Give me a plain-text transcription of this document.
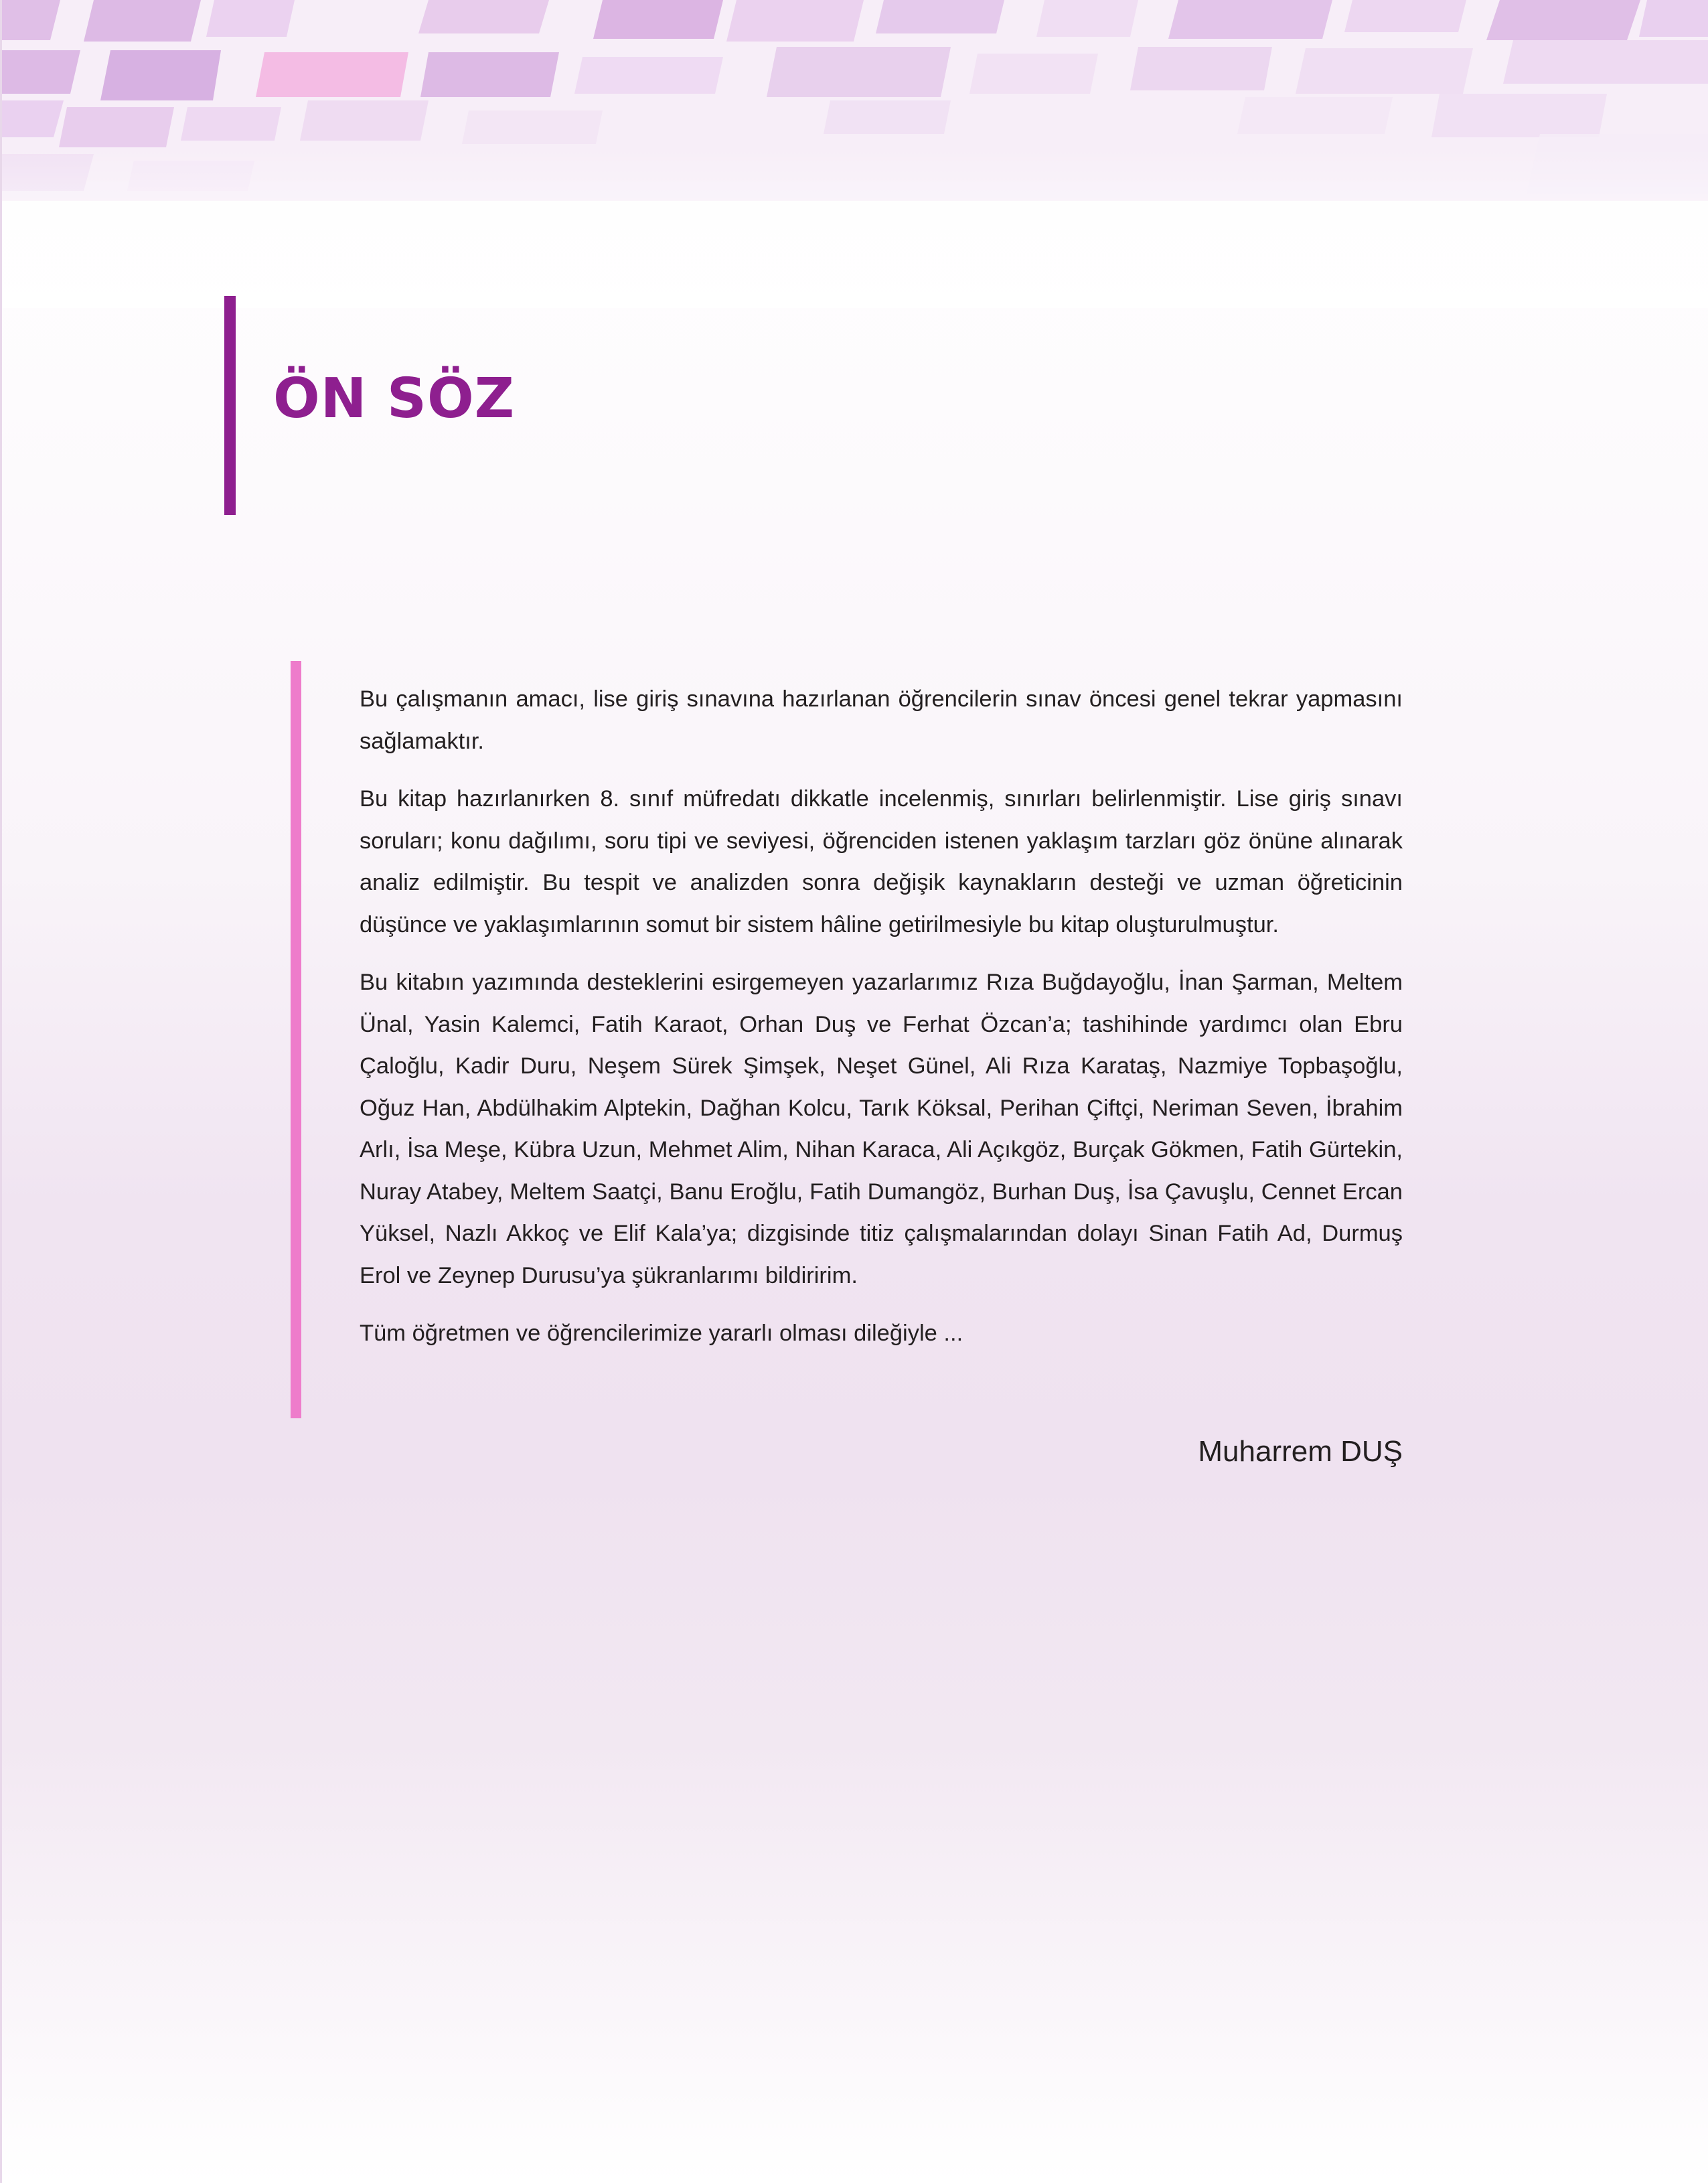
ÖN SÖZ

Bu çalışmanın amacı, lise giriş sınavına hazırlanan öğrencilerin sınav öncesi genel tekrar yapmasını sağlamaktır.

Bu kitap hazırlanırken 8. sınıf müfredatı dikkatle incelenmiş, sınırları belirlenmiştir. Lise giriş sınavı soruları; konu dağılımı, soru tipi ve seviyesi, öğrenciden istenen yaklaşım tarzları göz önüne alınarak analiz edilmiştir. Bu tespit ve analizden sonra değişik kaynakların desteği ve uzman öğreticinin düşünce ve yaklaşımlarının somut bir sistem hâline getirilmesiyle bu kitap oluşturulmuştur.

Bu kitabın yazımında desteklerini esirgemeyen yazarlarımız Rıza Buğdayoğlu, İnan Şarman, Meltem Ünal, Yasin Kalemci, Fatih Karaot, Orhan Duş ve Ferhat Özcan’a; tashihinde yardımcı olan Ebru Çaloğlu, Kadir Duru, Neşem Sürek Şimşek, Neşet Günel, Ali Rıza Karataş, Nazmiye Topbaşoğlu, Oğuz Han, Abdülhakim Alptekin, Dağhan Kolcu, Tarık Köksal, Perihan Çiftçi, Neriman Seven, İbrahim Arlı, İsa Meşe, Kübra Uzun, Mehmet Alim, Nihan Karaca, Ali Açıkgöz, Burçak Gökmen, Fatih Gürtekin, Nuray Atabey, Meltem Saatçi, Banu Eroğlu, Fatih Dumangöz, Burhan Duş, İsa Çavuşlu, Cennet Ercan Yüksel, Nazlı Akkoç ve Elif Kala’ya; dizgisinde titiz çalışmalarından dolayı Sinan Fatih Ad, Durmuş Erol ve Zeynep Durusu’ya şükranlarımı bildiririm.

Tüm öğretmen ve öğrencilerimize yararlı olması dileğiyle ...

Muharrem DUŞ
